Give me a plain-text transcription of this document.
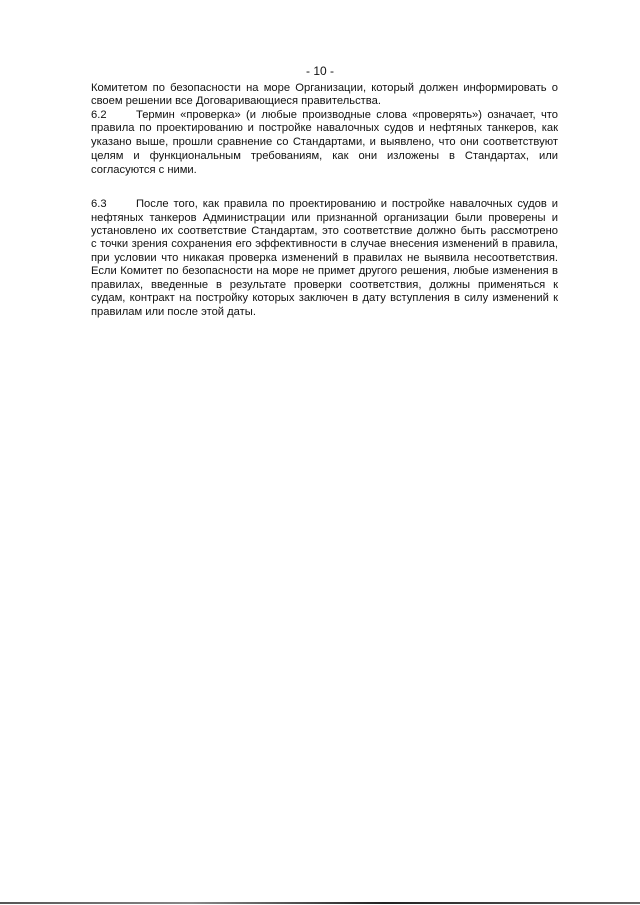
- 10 -
Комитетом по безопасности на море Организации, который должен информировать о
своем решении все Договаривающиеся правительства.
6.2	Термин «проверка» (и любые производные слова «проверять») означает, что
правила по проектированию и постройке навалочных судов и нефтяных танкеров, как
указано выше, прошли сравнение со Стандартами, и выявлено, что они соответствуют
целям и функциональным требованиям, как они изложены в Стандартах, или
согласуются с ними.
6.3	После того, как правила по проектированию и постройке навалочных судов и
нефтяных танкеров Администрации или признанной организации были проверены и
установлено их соответствие Стандартам, это соответствие должно быть рассмотрено
с точки зрения сохранения его эффективности в случае внесения изменений в правила,
при условии что никакая проверка изменений в правилах не выявила несоответствия.
Если Комитет по безопасности на море не примет другого решения, любые изменения в
правилах, введенные в результате проверки соответствия, должны применяться к
судам, контракт на постройку которых заключен в дату вступления в силу изменений к
правилам или после этой даты.
